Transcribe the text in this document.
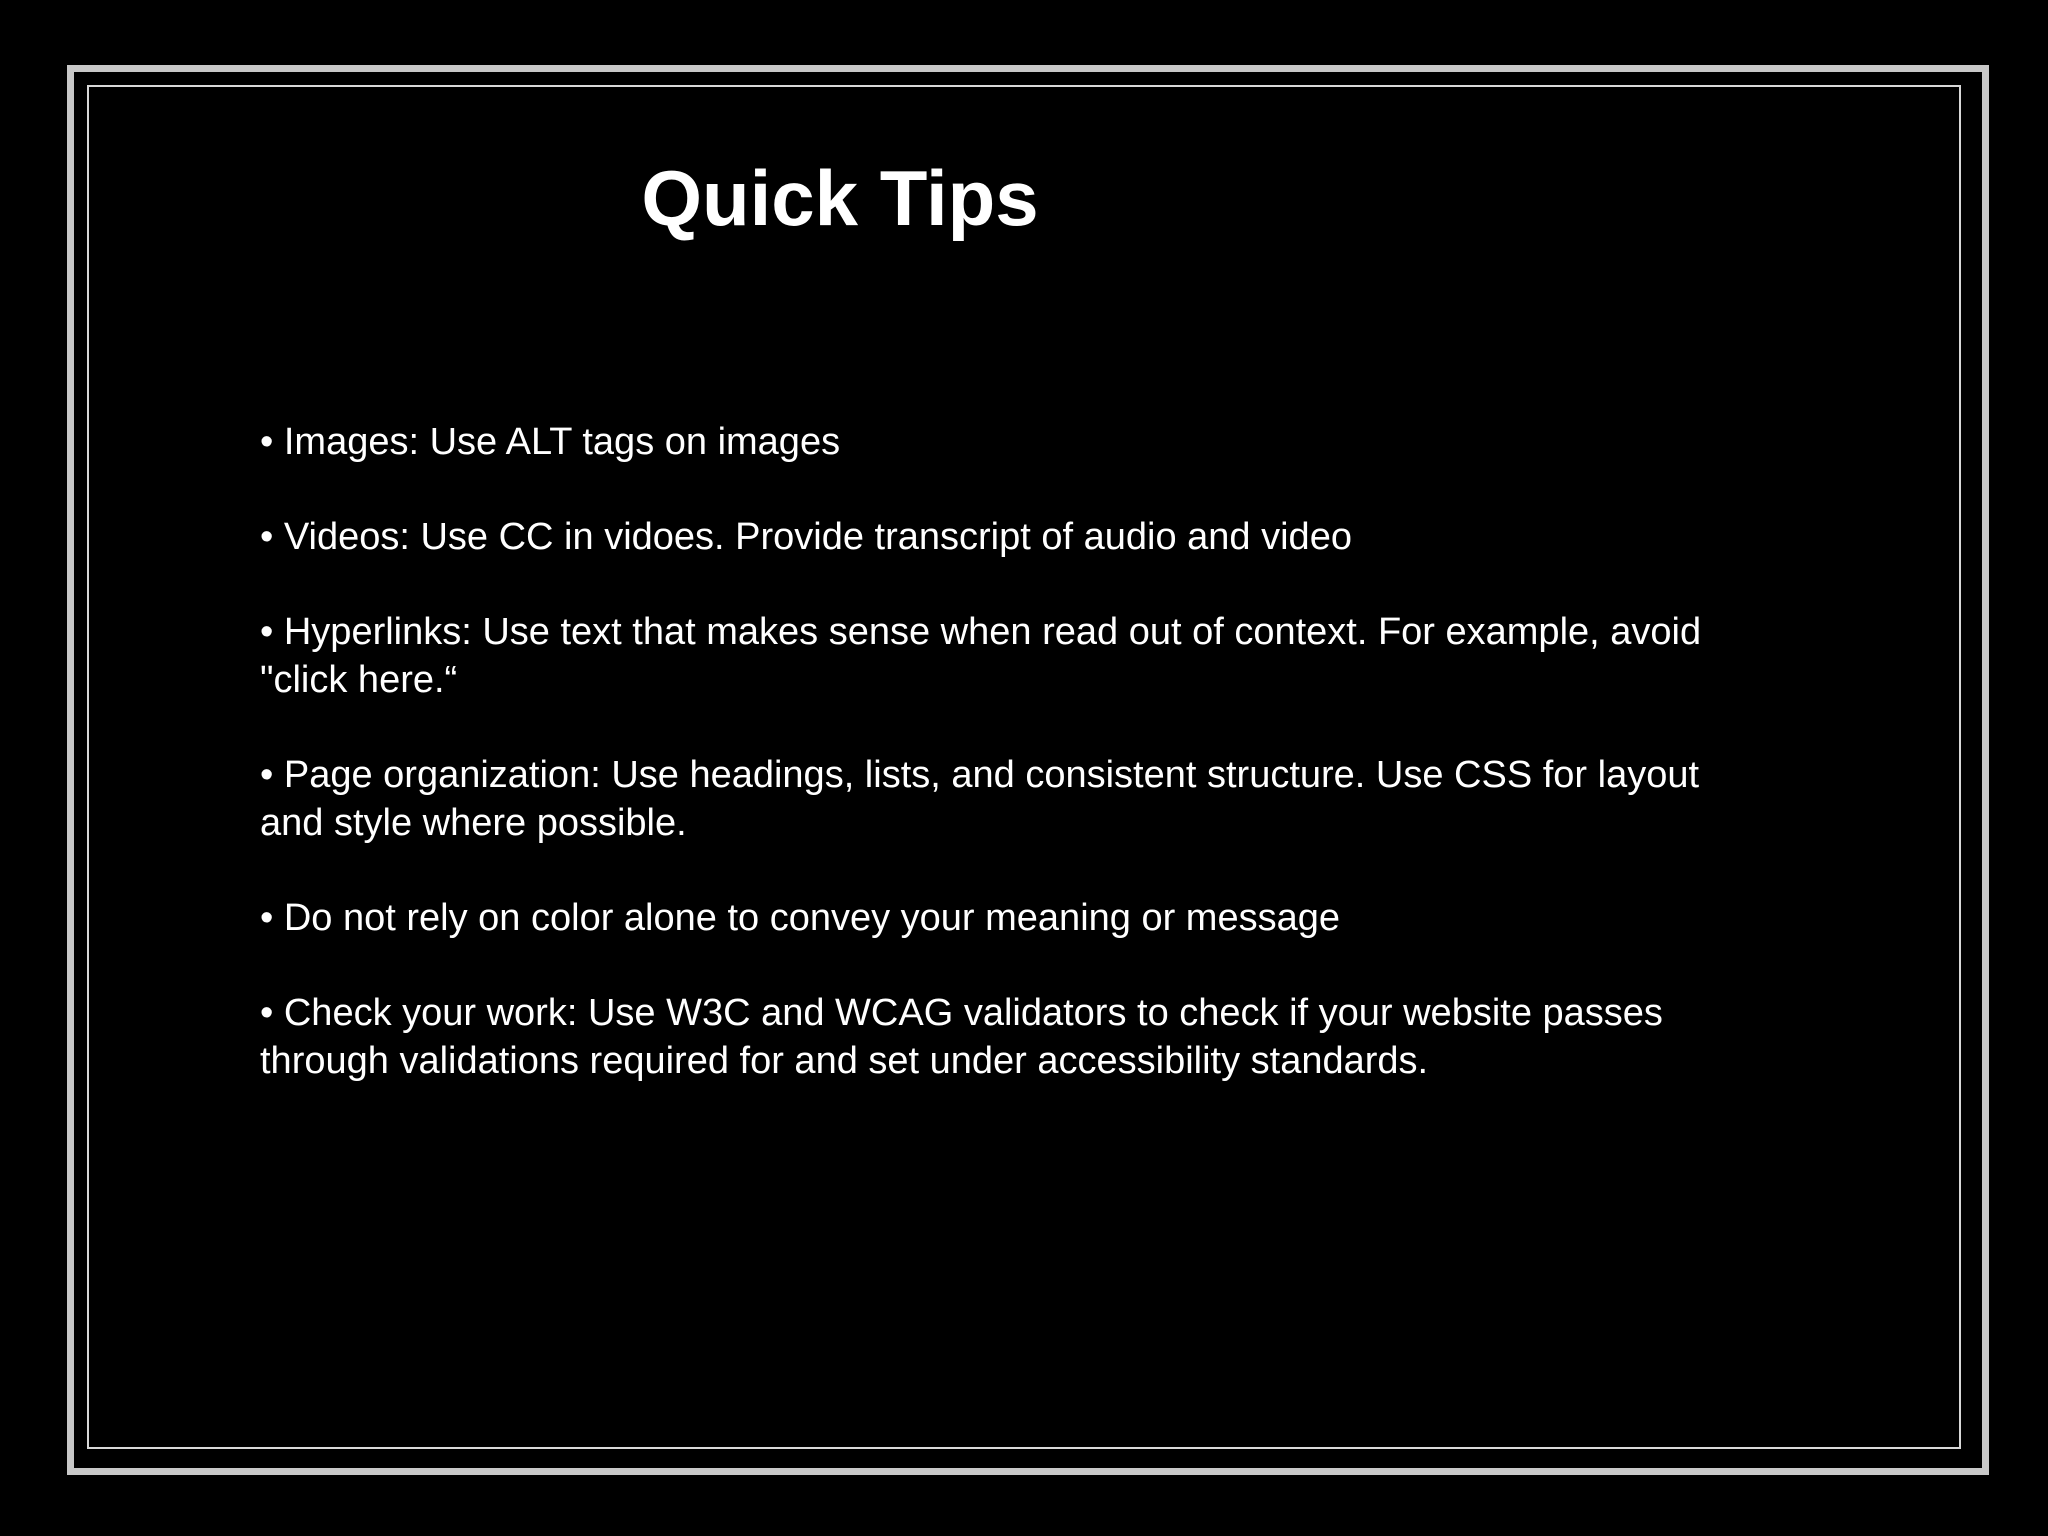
Quick Tips
• Images: Use ALT tags on images
• Videos: Use CC in vidoes. Provide transcript of audio and video
• Hyperlinks: Use text that makes sense when read out of context. For example, avoid "click here.“
• Page organization: Use headings, lists, and consistent structure. Use CSS for layout and style where possible.
• Do not rely on color alone to convey your meaning or message
• Check your work: Use W3C and WCAG validators to check if your website passes through validations required for and set under accessibility standards.
